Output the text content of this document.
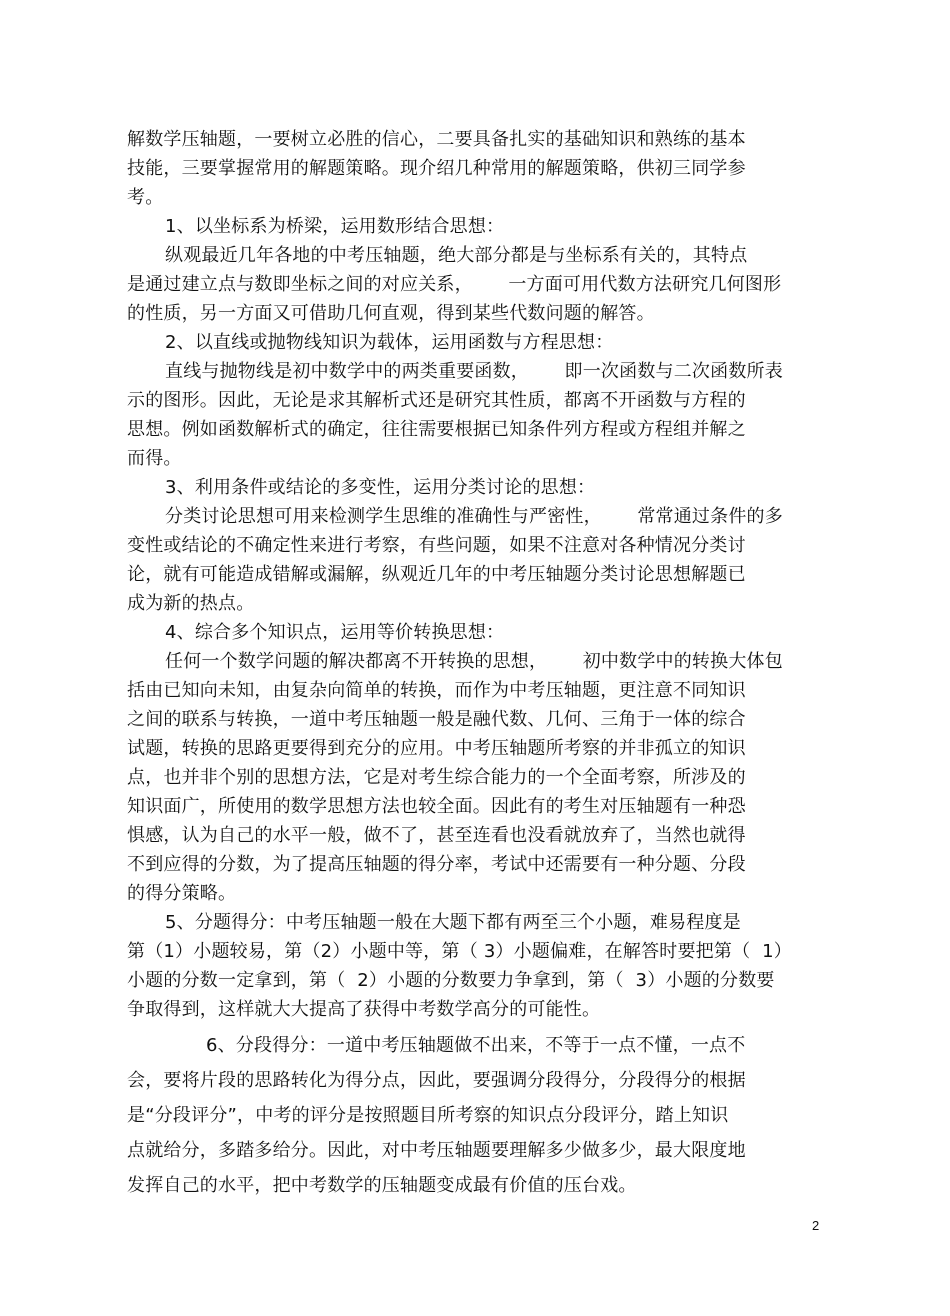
解数学压轴题，一要树立必胜的信心，二要具备扎实的基础知识和熟练的基本
技能，三要掌握常用的解题策略。现介绍几种常用的解题策略，供初三同学参
考。
1、以坐标系为桥梁，运用数形结合思想：
纵观最近几年各地的中考压轴题，绝大部分都是与坐标系有关的，其特点
是通过建立点与数即坐标之间的对应关系，      一方面可用代数方法研究几何图形
的性质，另一方面又可借助几何直观，得到某些代数问题的解答。
2、以直线或抛物线知识为载体，运用函数与方程思想：
直线与抛物线是初中数学中的两类重要函数，      即一次函数与二次函数所表
示的图形。因此，无论是求其解析式还是研究其性质，都离不开函数与方程的
思想。例如函数解析式的确定，往往需要根据已知条件列方程或方程组并解之
而得。
3、利用条件或结论的多变性，运用分类讨论的思想：
分类讨论思想可用来检测学生思维的准确性与严密性，      常常通过条件的多
变性或结论的不确定性来进行考察，有些问题，如果不注意对各种情况分类讨
论，就有可能造成错解或漏解，纵观近几年的中考压轴题分类讨论思想解题已
成为新的热点。
4、综合多个知识点，运用等价转换思想：
任何一个数学问题的解决都离不开转换的思想，      初中数学中的转换大体包
括由已知向未知，由复杂向简单的转换，而作为中考压轴题，更注意不同知识
之间的联系与转换，一道中考压轴题一般是融代数、几何、三角于一体的综合
试题，转换的思路更要得到充分的应用。中考压轴题所考察的并非孤立的知识
点，也并非个别的思想方法，它是对考生综合能力的一个全面考察，所涉及的
知识面广，所使用的数学思想方法也较全面。因此有的考生对压轴题有一种恐
惧感，认为自己的水平一般，做不了，甚至连看也没看就放弃了，当然也就得
不到应得的分数，为了提高压轴题的得分率，考试中还需要有一种分题、分段
的得分策略。
5、分题得分：中考压轴题一般在大题下都有两至三个小题，难易程度是
第（1）小题较易，第（2）小题中等，第（ 3）小题偏难，在解答时要把第（  1）
小题的分数一定拿到，第（  2）小题的分数要力争拿到，第（  3）小题的分数要
争取得到，这样就大大提高了获得中考数学高分的可能性。
6、分段得分：一道中考压轴题做不出来，不等于一点不懂，一点不
会，要将片段的思路转化为得分点，因此，要强调分段得分，分段得分的根据
是“分段评分”，中考的评分是按照题目所考察的知识点分段评分，踏上知识
点就给分，多踏多给分。因此，对中考压轴题要理解多少做多少，最大限度地
发挥自己的水平，把中考数学的压轴题变成最有价值的压台戏。
2
